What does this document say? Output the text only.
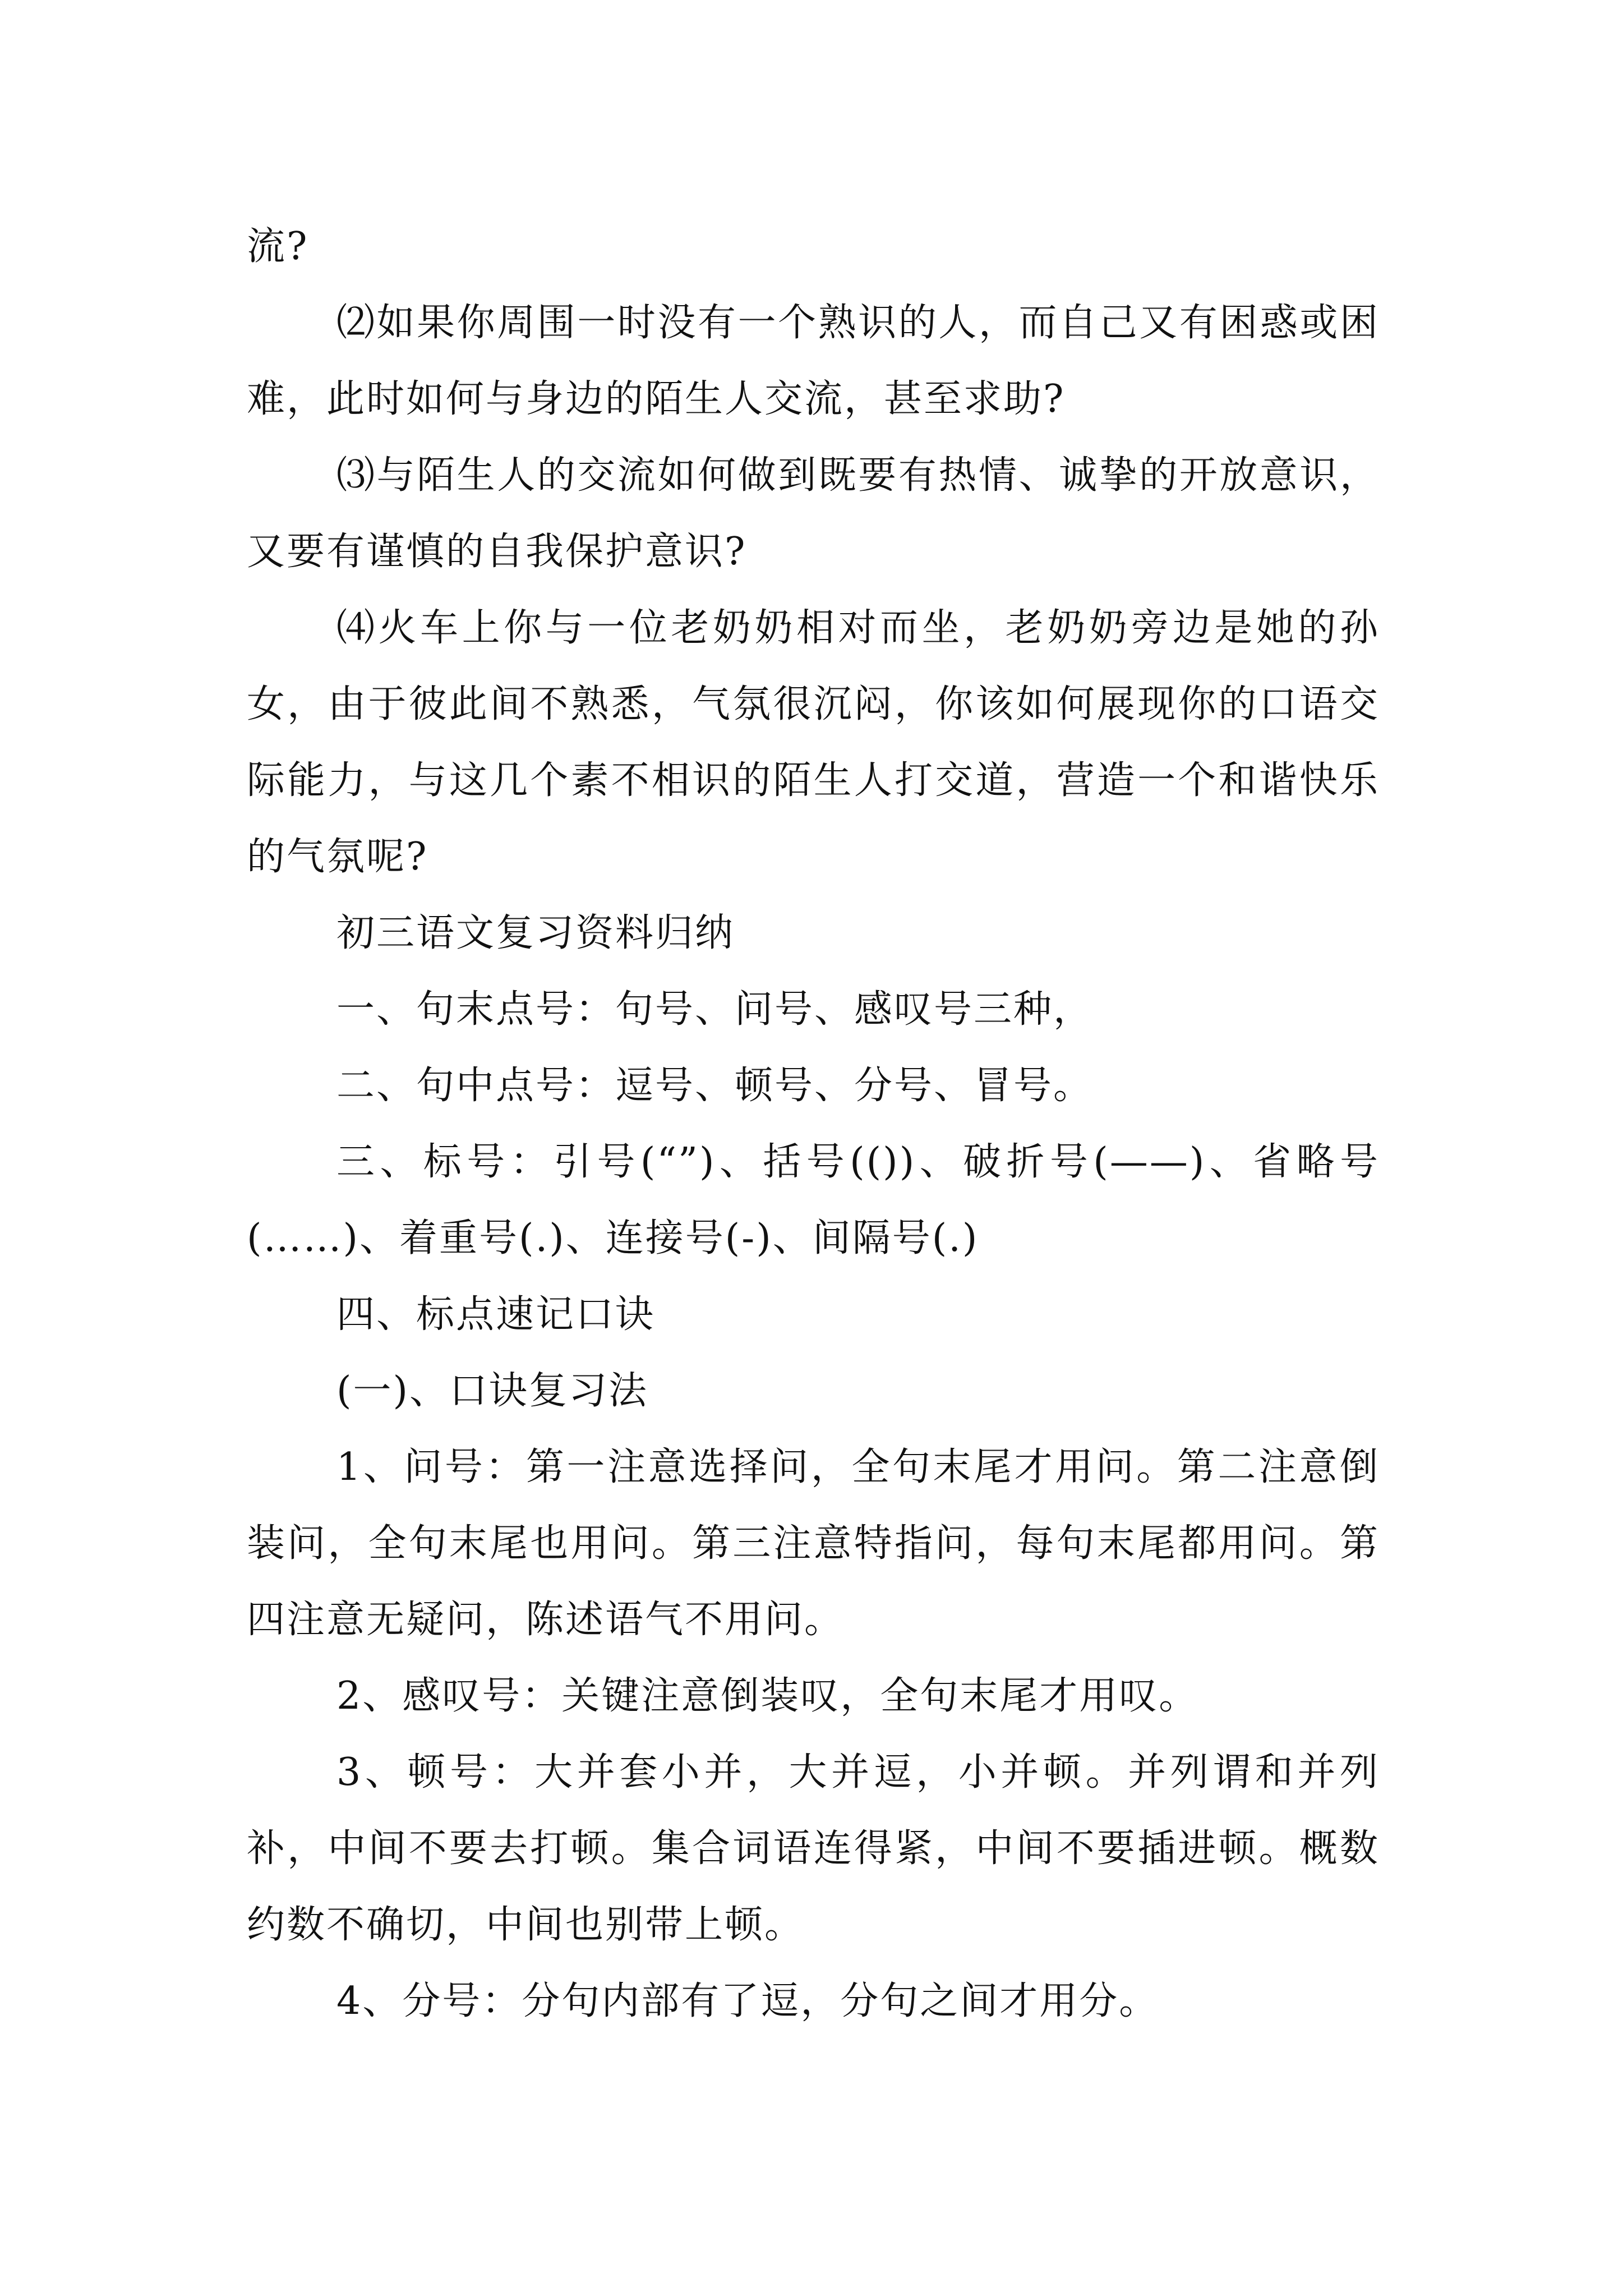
流?

⑵如果你周围一时没有一个熟识的人，而自己又有困惑或困难，此时如何与身边的陌生人交流，甚至求助?

⑶与陌生人的交流如何做到既要有热情、诚挚的开放意识，又要有谨慎的自我保护意识?

⑷火车上你与一位老奶奶相对而坐，老奶奶旁边是她的孙女，由于彼此间不熟悉，气氛很沉闷，你该如何展现你的口语交际能力，与这几个素不相识的陌生人打交道，营造一个和谐快乐的气氛呢?

初三语文复习资料归纳

一、句末点号：句号、问号、感叹号三种，

二、句中点号：逗号、顿号、分号、冒号。

三、标号：引号(“”)、括号(())、破折号(——)、省略号(……)、着重号(.)、连接号(-)、间隔号(.)

四、标点速记口诀

(一)、口诀复习法

1、问号：第一注意选择问，全句末尾才用问。第二注意倒装问，全句末尾也用问。第三注意特指问，每句末尾都用问。第四注意无疑问，陈述语气不用问。

2、感叹号：关键注意倒装叹，全句末尾才用叹。

3、顿号：大并套小并，大并逗，小并顿。并列谓和并列补，中间不要去打顿。集合词语连得紧，中间不要插进顿。概数约数不确切，中间也别带上顿。

4、分号：分句内部有了逗，分句之间才用分。
